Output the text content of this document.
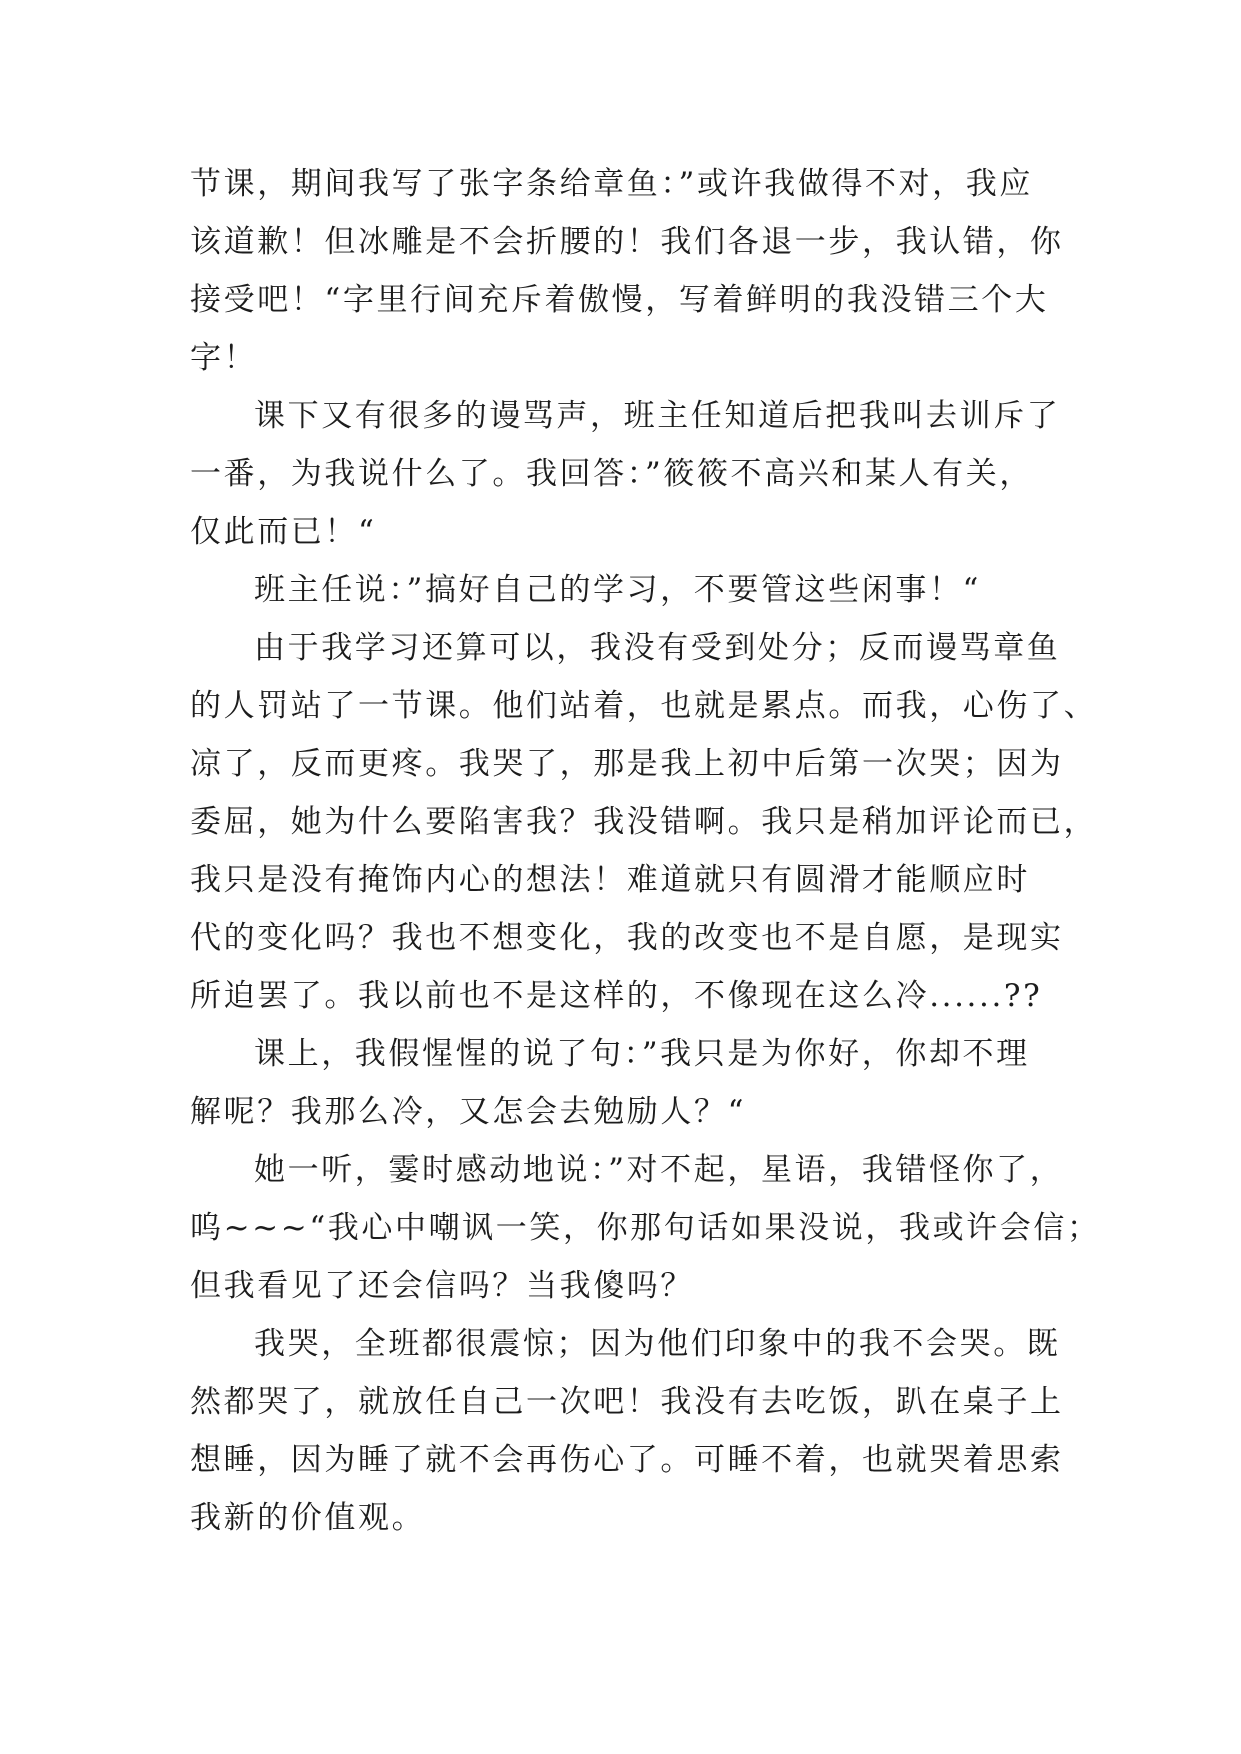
节课，期间我写了张字条给章鱼：”或许我做得不对，我应
该道歉！但冰雕是不会折腰的！我们各退一步，我认错，你
接受吧！“字里行间充斥着傲慢，写着鲜明的我没错三个大
字！
课下又有很多的谩骂声，班主任知道后把我叫去训斥了
一番，为我说什么了。我回答：”筱筱不高兴和某人有关，
仅此而已！“
班主任说：”搞好自己的学习，不要管这些闲事！“
由于我学习还算可以，我没有受到处分；反而谩骂章鱼
的人罚站了一节课。他们站着，也就是累点。而我，心伤了、
凉了，反而更疼。我哭了，那是我上初中后第一次哭；因为
委屈，她为什么要陷害我？我没错啊。我只是稍加评论而已，
我只是没有掩饰内心的想法！难道就只有圆滑才能顺应时
代的变化吗？我也不想变化，我的改变也不是自愿，是现实
所迫罢了。我以前也不是这样的，不像现在这么冷......??
课上，我假惺惺的说了句：”我只是为你好，你却不理
解呢？我那么冷，又怎会去勉励人？“
她一听，霎时感动地说：”对不起，星语，我错怪你了，
呜~~~“我心中嘲讽一笑，你那句话如果没说，我或许会信；
但我看见了还会信吗？当我傻吗？
我哭，全班都很震惊；因为他们印象中的我不会哭。既
然都哭了，就放任自己一次吧！我没有去吃饭，趴在桌子上
想睡，因为睡了就不会再伤心了。可睡不着，也就哭着思索
我新的价值观。
